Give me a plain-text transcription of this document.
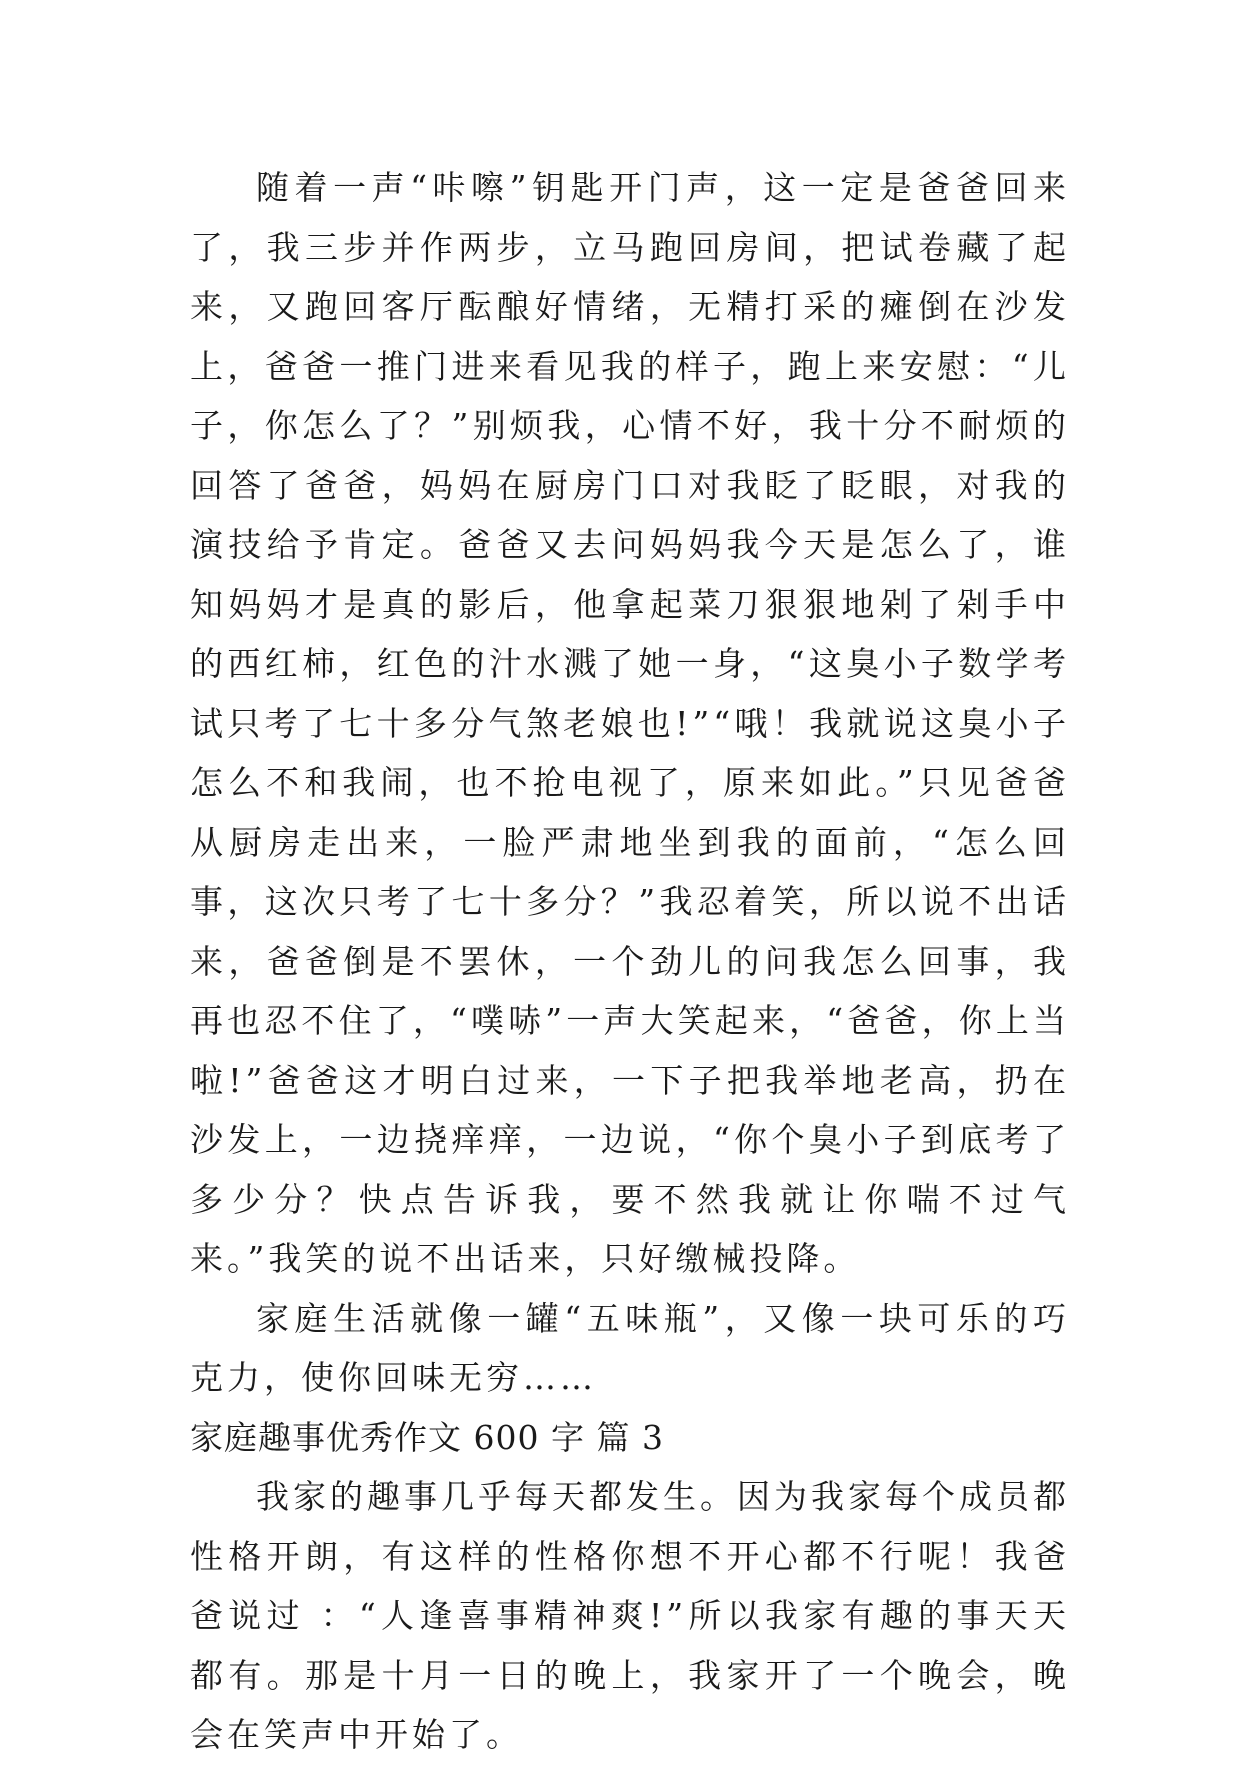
随着一声“咔嚓”钥匙开门声，这一定是爸爸回来了，我三步并作两步，立马跑回房间，把试卷藏了起来，又跑回客厅酝酿好情绪，无精打采的瘫倒在沙发上，爸爸一推门进来看见我的样子，跑上来安慰：“儿子，你怎么了？”别烦我，心情不好，我十分不耐烦的回答了爸爸，妈妈在厨房门口对我眨了眨眼，对我的演技给予肯定。爸爸又去问妈妈我今天是怎么了，谁知妈妈才是真的影后，他拿起菜刀狠狠地剁了剁手中的西红柿，红色的汁水溅了她一身，“这臭小子数学考试只考了七十多分气煞老娘也!”“哦！我就说这臭小子怎么不和我闹，也不抢电视了，原来如此。”只见爸爸从厨房走出来，一脸严肃地坐到我的面前，“怎么回事，这次只考了七十多分？”我忍着笑，所以说不出话来，爸爸倒是不罢休，一个劲儿的问我怎么回事，我再也忍不住了，“噗哧”一声大笑起来，“爸爸，你上当啦!”爸爸这才明白过来，一下子把我举地老高，扔在沙发上，一边挠痒痒，一边说，“你个臭小子到底考了多少分？快点告诉我，要不然我就让你喘不过气来。”我笑的说不出话来，只好缴械投降。

家庭生活就像一罐“五味瓶”，又像一块可乐的巧克力，使你回味无穷……

家庭趣事优秀作文 600 字 篇 3

我家的趣事几乎每天都发生。因为我家每个成员都性格开朗，有这样的性格你想不开心都不行呢！我爸爸说过 ：“人逢喜事精神爽!”所以我家有趣的事天天都有。那是十月一日的晚上，我家开了一个晚会，晚会在笑声中开始了。
